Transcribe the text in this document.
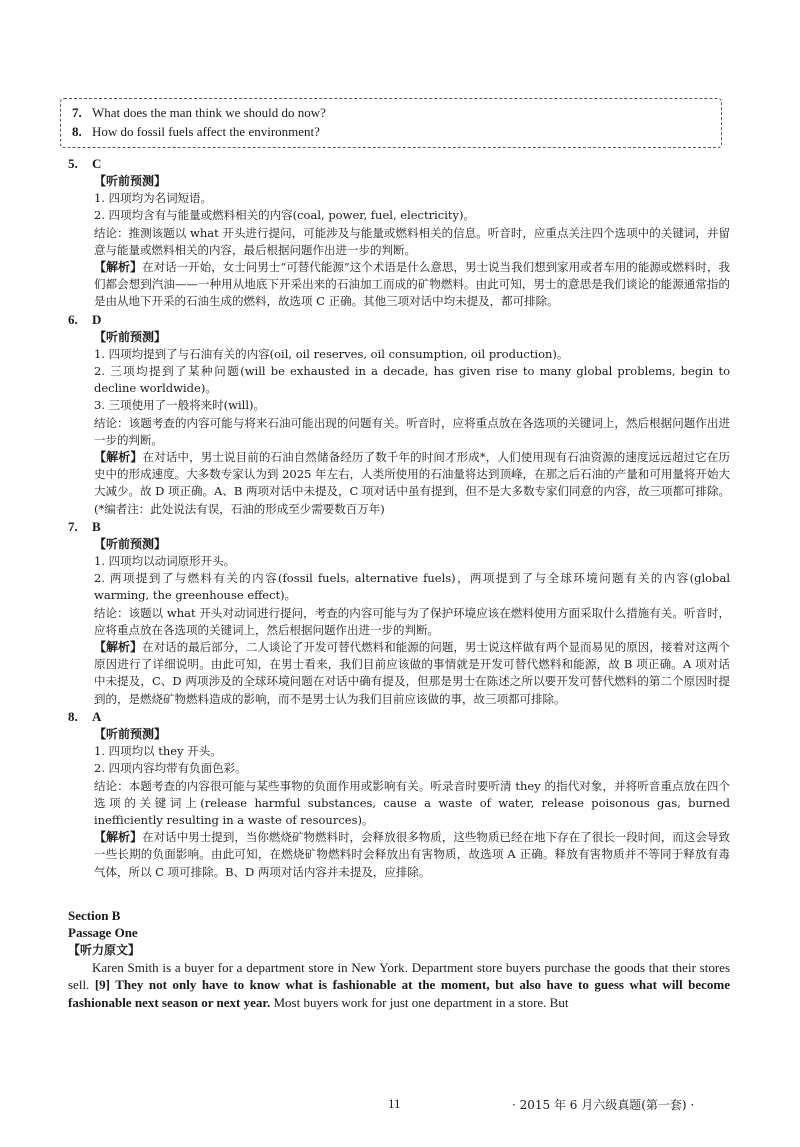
7. What does the man think we should do now?
8. How do fossil fuels affect the environment?
5. C
【听前预测】

1. 四项均为名词短语。

2. 四项均含有与能量或燃料相关的内容(coal, power, fuel, electricity)。

结论：推测该题以 what 开头进行提问，可能涉及与能量或燃料相关的信息。听音时，应重点关注四个选项中的关键词，并留意与能量或燃料相关的内容，最后根据问题作出进一步的判断。

【解析】在对话一开始，女士问男士“可替代能源”这个术语是什么意思，男士说当我们想到家用或者车用的能源或燃料时，我们都会想到汽油——一种用从地底下开采出来的石油加工而成的矿物燃料。由此可知，男士的意思是我们谈论的能源通常指的是由从地下开采的石油生成的燃料，故选项 C 正确。其他三项对话中均未提及，都可排除。

6. D
【听前预测】

1. 四项均提到了与石油有关的内容(oil, oil reserves, oil consumption, oil production)。

2. 三项均提到了某种问题(will be exhausted in a decade, has given rise to many global problems, begin to decline worldwide)。

3. 三项使用了一般将来时(will)。

结论：该题考查的内容可能与将来石油可能出现的问题有关。听音时，应将重点放在各选项的关键词上，然后根据问题作出进一步的判断。

【解析】在对话中，男士说目前的石油自然储备经历了数千年的时间才形成*，人们使用现有石油资源的速度远远超过它在历史中的形成速度。大多数专家认为到 2025 年左右，人类所使用的石油量将达到顶峰，在那之后石油的产量和可用量将开始大大减少。故 D 项正确。A、B 两项对话中未提及，C 项对话中虽有提到，但不是大多数专家们同意的内容，故三项都可排除。(*编者注：此处说法有误，石油的形成至少需要数百万年)

7. B
【听前预测】

1. 四项均以动词原形开头。

2. 两项提到了与燃料有关的内容(fossil fuels, alternative fuels)，两项提到了与全球环境问题有关的内容(global warming, the greenhouse effect)。

结论：该题以 what 开头对动词进行提问，考查的内容可能与为了保护环境应该在燃料使用方面采取什么措施有关。听音时，应将重点放在各选项的关键词上，然后根据问题作出进一步的判断。

【解析】在对话的最后部分，二人谈论了开发可替代燃料和能源的问题，男士说这样做有两个显而易见的原因，接着对这两个原因进行了详细说明。由此可知，在男士看来，我们目前应该做的事情就是开发可替代燃料和能源，故 B 项正确。A 项对话中未提及，C、D 两项涉及的全球环境问题在对话中确有提及，但那是男士在陈述之所以要开发可替代燃料的第二个原因时提到的，是燃烧矿物燃料造成的影响，而不是男士认为我们目前应该做的事，故三项都可排除。

8. A
【听前预测】

1. 四项均以 they 开头。

2. 四项内容均带有负面色彩。

结论：本题考查的内容很可能与某些事物的负面作用或影响有关。听录音时要听清 they 的指代对象，并将听音重点放在四个选项的关键词上(release harmful substances, cause a waste of water, release poisonous gas, burned inefficiently resulting in a waste of resources)。

【解析】在对话中男士提到，当你燃烧矿物燃料时，会释放很多物质，这些物质已经在地下存在了很长一段时间，而这会导致一些长期的负面影响。由此可知，在燃烧矿物燃料时会释放出有害物质，故选项 A 正确。释放有害物质并不等同于释放有毒气体，所以 C 项可排除。B、D 两项对话内容并未提及，应排除。

Section B

Passage One

【听力原文】

Karen Smith is a buyer for a department store in New York. Department store buyers purchase the goods that their stores sell. [9] They not only have to know what is fashionable at the moment, but also have to guess what will become fashionable next season or next year. Most buyers work for just one department in a store. But

11	· 2015 年 6 月六级真题(第一套) ·
